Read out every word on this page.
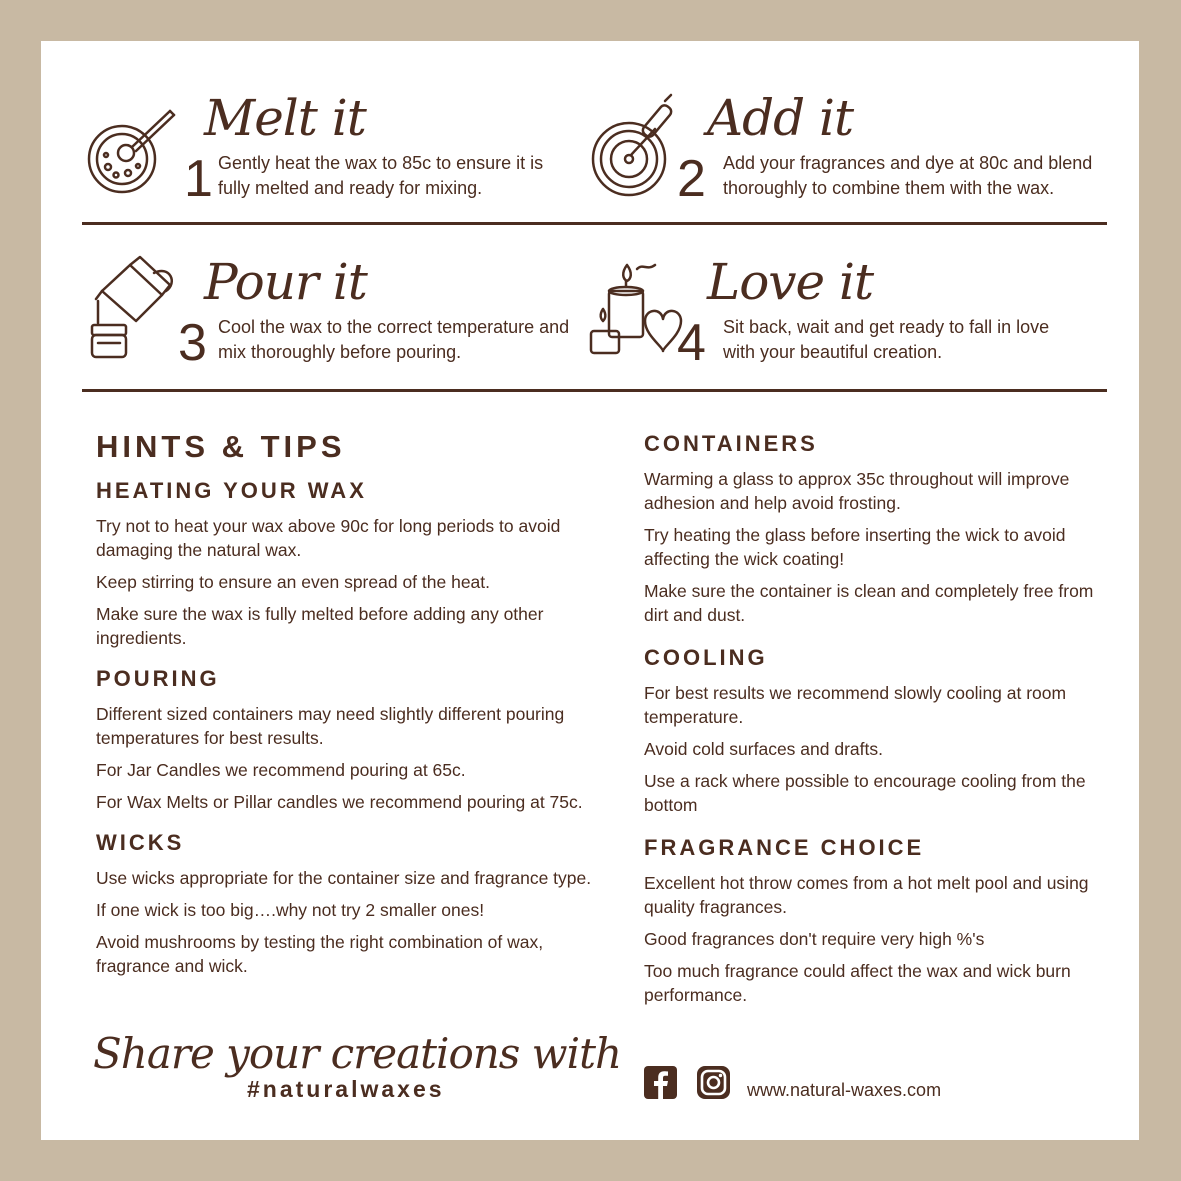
Melt it
1 Gently heat the wax to 85c to ensure it is fully melted and ready for mixing.
Add it
2 Add your fragrances and dye at 80c and blend thoroughly to combine them with the wax.
Pour it
3 Cool the wax to the correct temperature and mix thoroughly before pouring.
Love it
4 Sit back, wait and get ready to fall in love with your beautiful creation.
HINTS & TIPS
HEATING YOUR WAX

Try not to heat your wax above 90c for long periods to avoid damaging the natural wax.

Keep stirring to ensure an even spread of the heat.

Make sure the wax is fully melted before adding any other ingredients.

POURING

Different sized containers may need slightly different pouring temperatures for best results.

For Jar Candles we recommend pouring at 65c.

For Wax Melts or Pillar candles we recommend pouring at 75c.

WICKS

Use wicks appropriate for the container size and fragrance type.

If one wick is too big….why not try 2 smaller ones!

Avoid mushrooms by testing the right combination of wax, fragrance and wick.

CONTAINERS

Warming a glass to approx 35c throughout will improve adhesion and help avoid frosting.

Try heating the glass before inserting the wick to avoid affecting the wick coating!

Make sure the container is clean and completely free from dirt and dust.

COOLING

For best results we recommend slowly cooling at room temperature.

Avoid cold surfaces and drafts.

Use a rack where possible to encourage cooling from the bottom

FRAGRANCE CHOICE

Excellent hot throw comes from a hot melt pool and using quality fragrances.

Good fragrances don't require very high %'s

Too much fragrance could affect the wax and wick burn performance.

Share your creations with
#naturalwaxes	www.natural-waxes.com
